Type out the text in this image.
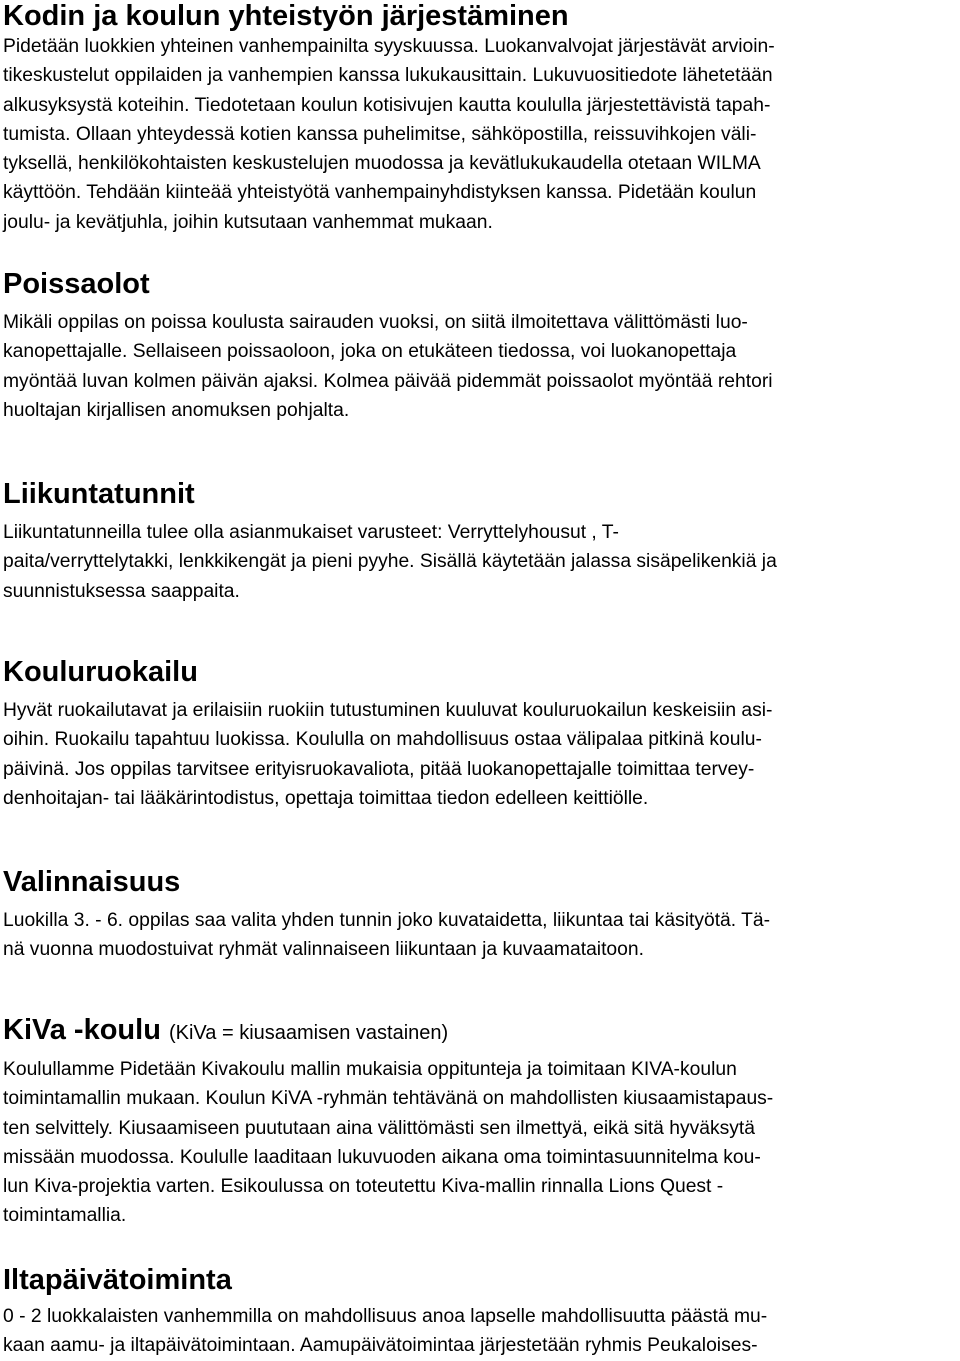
Kodin ja koulun yhteistyön järjestäminen
Pidetään luokkien yhteinen vanhempainilta syyskuussa. Luokanvalvojat järjestävät arvioin-
tikeskustelut oppilaiden ja vanhempien kanssa lukukausittain. Lukuvuositiedote lähetetään
alkusyksystä koteihin. Tiedotetaan koulun kotisivujen kautta koululla järjestettävistä tapah-
tumista. Ollaan yhteydessä kotien kanssa puhelimitse, sähköpostilla, reissuvihkojen väli-
tyksellä, henkilökohtaisten keskustelujen muodossa ja kevätlukukaudella otetaan WILMA
käyttöön. Tehdään kiinteää yhteistyötä vanhempainyhdistyksen kanssa. Pidetään koulun
joulu- ja kevätjuhla, joihin kutsutaan vanhemmat mukaan.
Poissaolot
Mikäli oppilas on poissa koulusta sairauden vuoksi, on siitä ilmoitettava välittömästi luo-
kanopettajalle. Sellaiseen poissaoloon, joka on etukäteen tiedossa, voi luokanopettaja
myöntää luvan kolmen päivän ajaksi. Kolmea päivää pidemmät poissaolot myöntää rehtori
huoltajan kirjallisen anomuksen pohjalta.
Liikuntatunnit
Liikuntatunneilla tulee olla asianmukaiset varusteet: Verryttelyhousut , T-
paita/verryttelytakki, lenkkikengät ja pieni pyyhe. Sisällä käytetään jalassa sisäpelikenkiä ja
suunnistuksessa saappaita.
Kouluruokailu
Hyvät ruokailutavat ja erilaisiin ruokiin tutustuminen kuuluvat kouluruokailun keskeisiin asi-
oihin. Ruokailu tapahtuu luokissa. Koululla on mahdollisuus ostaa välipalaa pitkinä koulu-
päivinä. Jos oppilas tarvitsee erityisruokavaliota, pitää luokanopettajalle toimittaa tervey-
denhoitajan- tai lääkärintodistus, opettaja toimittaa tiedon edelleen keittiölle.
Valinnaisuus
Luokilla 3. - 6. oppilas saa valita yhden tunnin joko kuvataidetta, liikuntaa tai käsityötä. Tä-
nä vuonna muodostuivat ryhmät valinnaiseen liikuntaan ja kuvaamataitoon.
KiVa -koulu (KiVa = kiusaamisen vastainen)
Koulullamme Pidetään Kivakoulu mallin mukaisia oppitunteja ja toimitaan KIVA-koulun
toimintamallin mukaan. Koulun KiVA -ryhmän tehtävänä on mahdollisten kiusaamistapaus-
ten selvittely. Kiusaamiseen puututaan aina välittömästi sen ilmettyä, eikä sitä hyväksytä
missään muodossa. Koululle laaditaan lukuvuoden aikana oma toimintasuunnitelma kou-
lun Kiva-projektia varten. Esikoulussa on toteutettu Kiva-mallin rinnalla Lions Quest -
toimintamallia.
Iltapäivätoiminta
0 - 2 luokkalaisten vanhemmilla on mahdollisuus anoa lapselle mahdollisuutta päästä mu-
kaan aamu- ja iltapäivätoimintaan. Aamupäivätoimintaa järjestetään ryhmis Peukaloises-
